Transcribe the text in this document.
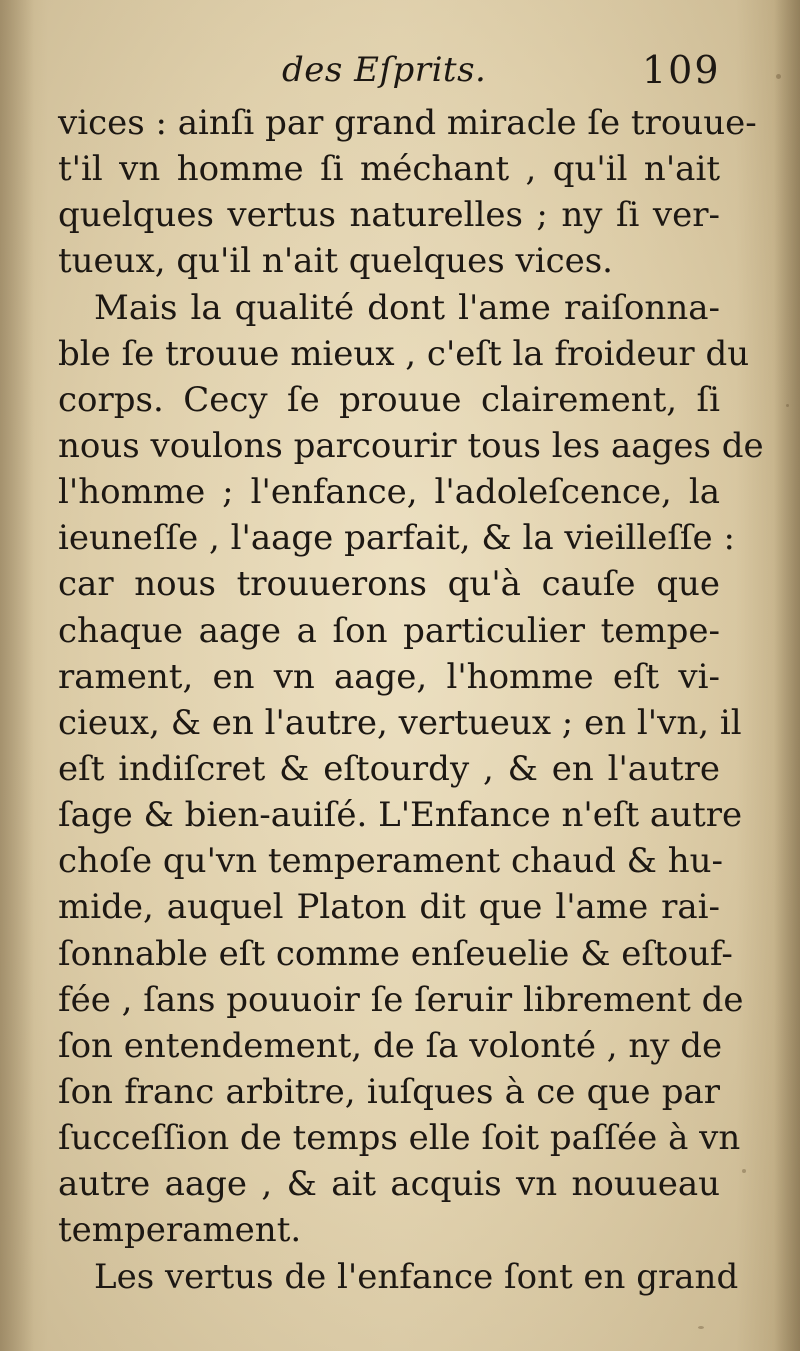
des Eſprits.	109
vices : ainſi par grand miracle ſe trouue-
t'il vn homme ſi méchant , qu'il n'ait
quelques vertus naturelles ; ny ſi ver-
tueux, qu'il n'ait quelques vices.
Mais la qualité dont l'ame raiſonna-
ble ſe trouue mieux , c'eſt la froideur du
corps. Cecy ſe prouue clairement, ſi
nous voulons parcourir tous les aages de
l'homme ; l'enfance, l'adoleſcence, la
ieuneſſe , l'aage parfait, & la vieilleſſe :
car nous trouuerons qu'à cauſe que
chaque aage a ſon particulier tempe-
rament, en vn aage, l'homme eſt vi-
cieux, & en l'autre, vertueux ; en l'vn, il
eſt indiſcret & eſtourdy , & en l'autre
ſage & bien-auiſé. L'Enfance n'eſt autre
choſe qu'vn temperament chaud & hu-
mide, auquel Platon dit que l'ame rai-
ſonnable eſt comme enſeuelie & eſtouf-
fée , ſans pouuoir ſe ſeruir librement de
ſon entendement, de ſa volonté , ny de
ſon franc arbitre, iuſques à ce que par
ſucceſſion de temps elle ſoit paſſée à vn
autre aage , & ait acquis vn nouueau
temperament.
Les vertus de l'enfance ſont en grand
